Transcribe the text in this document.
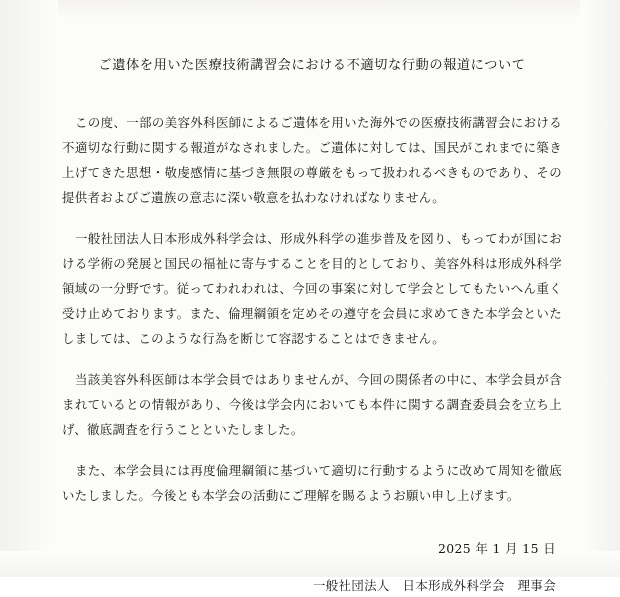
ご遺体を用いた医療技術講習会における不適切な行動の報道について

この度、一部の美容外科医師によるご遺体を用いた海外での医療技術講習会における不適切な行動に関する報道がなされました。ご遺体に対しては、国民がこれまでに築き上げてきた思想・敬虔感情に基づき無限の尊厳をもって扱われるべきものであり、その提供者およびご遺族の意志に深い敬意を払わなければなりません。

一般社団法人日本形成外科学会は、形成外科学の進歩普及を図り、もってわが国における学術の発展と国民の福祉に寄与することを目的としており、美容外科は形成外科学領域の一分野です。従ってわれわれは、今回の事案に対して学会としてもたいへん重く受け止めております。また、倫理綱領を定めその遵守を会員に求めてきた本学会といたしましては、このような行為を断じて容認することはできません。

当該美容外科医師は本学会員ではありませんが、今回の関係者の中に、本学会員が含まれているとの情報があり、今後は学会内においても本件に関する調査委員会を立ち上げ、徹底調査を行うことといたしました。

また、本学会員には再度倫理綱領に基づいて適切に行動するように改めて周知を徹底いたしました。今後とも本学会の活動にご理解を賜るようお願い申し上げます。

2025 年 1 月 15 日
一般社団法人　日本形成外科学会　理事会
